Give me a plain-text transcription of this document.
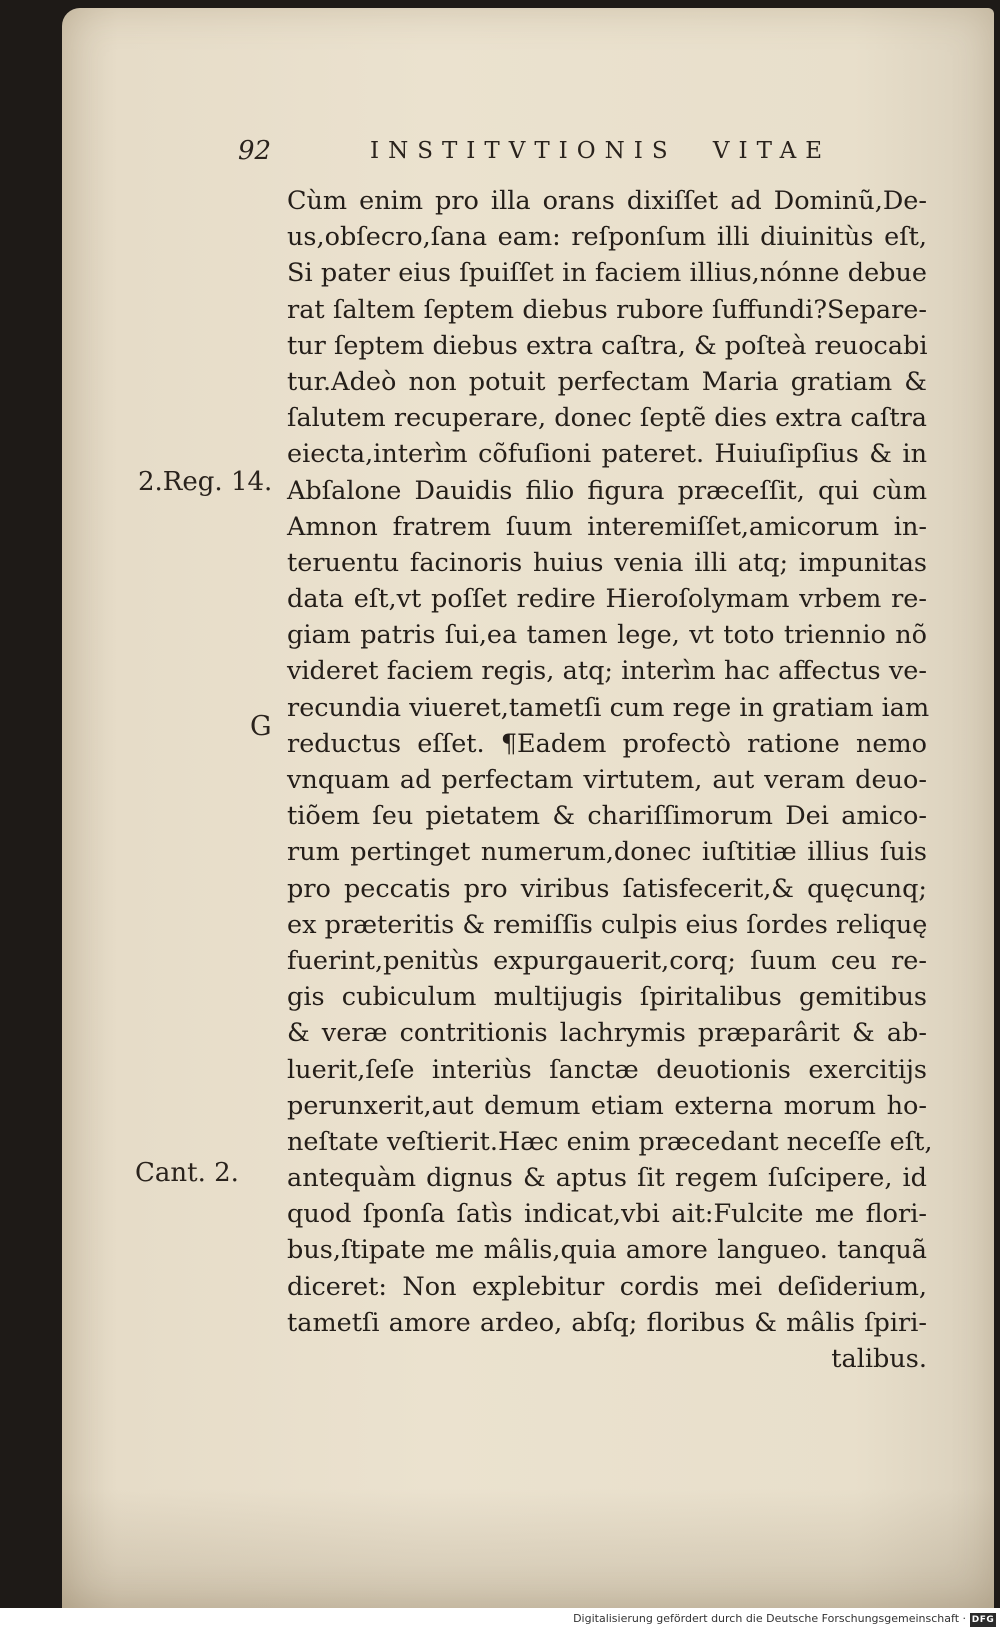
92	INSTITVTIONIS VITAE
2.Reg. 14.
G
Cant. 2.
Cùm enim pro illa orans dixiſſet ad Dominũ,De-
us,obſecro,ſana eam: reſponſum illi diuinitùs eſt,
Si pater eius ſpuiſſet in faciem illius,nónne debue
rat ſaltem ſeptem diebus rubore ſuffundi?Separe-
tur ſeptem diebus extra caſtra, & poſteà reuocabi
tur.Adeò non potuit perfectam Maria gratiam &
ſalutem recuperare, donec ſeptẽ dies extra caſtra
eiecta,interìm cõfuſioni pateret. Huiuſipſius & in
Abſalone Dauidis filio figura præceſſit, qui cùm
Amnon fratrem ſuum interemiſſet,amicorum in-
teruentu facinoris huius venia illi atq; impunitas
data eſt,vt poſſet redire Hieroſolymam vrbem re-
giam patris ſui,ea tamen lege, vt toto triennio nõ
videret faciem regis, atq; interìm hac affectus ve-
recundia viueret,tametſi cum rege in gratiam iam
reductus eſſet. ¶Eadem profectò ratione nemo
vnquam ad perfectam virtutem, aut veram deuo-
tiõem ſeu pietatem & chariſſimorum Dei amico-
rum pertinget numerum,donec iuſtitiæ illius ſuis
pro peccatis pro viribus ſatisfecerit,& quęcunq;
ex præteritis & remiſſis culpis eius ſordes reliquę
fuerint,penitùs expurgauerit,corq; ſuum ceu re-
gis cubiculum multijugis ſpiritalibus gemitibus
& veræ contritionis lachrymis præparârit & ab-
luerit,ſeſe interiùs ſanctæ deuotionis exercitijs
perunxerit,aut demum etiam externa morum ho-
neſtate veſtierit.Hæc enim præcedant neceſſe eſt,
antequàm dignus & aptus ſit regem ſuſcipere, id
quod ſponſa ſatìs indicat,vbi ait:Fulcite me flori-
bus,ſtipate me mâlis,quia amore langueo. tanquã
diceret: Non explebitur cordis mei deſiderium,
tametſi amore ardeo, abſq; floribus & mâlis ſpiri-
talibus.
Digitalisierung gefördert durch die Deutsche Forschungsgemeinschaft · DFG
